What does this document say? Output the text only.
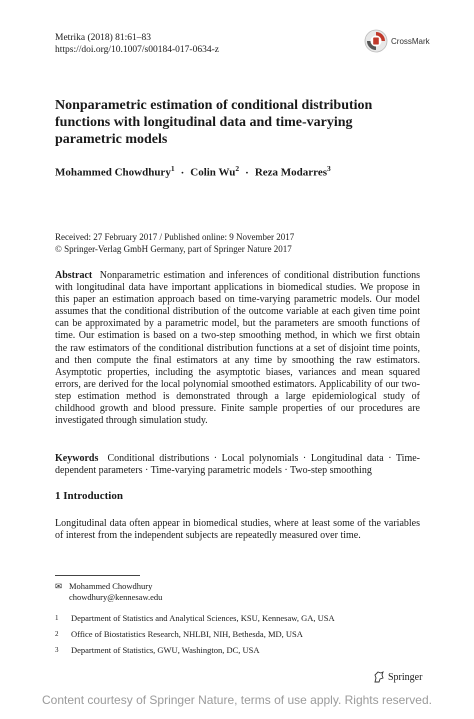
Metrika (2018) 81:61–83
https://doi.org/10.1007/s00184-017-0634-z
CrossMark
Nonparametric estimation of conditional distribution
functions with longitudinal data and time-varying
parametric models
Mohammed Chowdhury$^1$ · Colin $Wu^2$ · Reza Modarres$^3$
Received: 27 February 2017 / Published online: 9 November 2017
© Springer-Verlag GmbH Germany, part of Springer Nature 2017

Abstract Nonparametric estimation and inferences of conditional distribution functions with longitudinal data have important applications in biomedical studies. We propose in this paper an estimation approach based on time-varying parametric models. Our model assumes that the conditional distribution of the outcome variable at each given time point can be approximated by a parametric model, but the parameters are smooth functions of time. Our estimation is based on a two-step smoothing method, in which we first obtain the raw estimators of the conditional distribution functions at a set of disjoint time points, and then compute the final estimators at any time by smoothing the raw estimators. Asymptotic properties, including the asymptotic biases, variances and mean squared errors, are derived for the local polynomial smoothed estimators. Applicability of our two-step estimation method is demonstrated through a large epidemiological study of childhood growth and blood pressure. Finite sample properties of our procedures are investigated through simulation study.

Keywords Conditional distributions · Local polynomials · Longitudinal data · Time-dependent parameters · Time-varying parametric models · Two-step smoothing

1 Introduction

Longitudinal data often appear in biomedical studies, where at least some of the variables of interest from the independent subjects are repeatedly measured over time.

✉ Mohammed Chowdhury
chowdhury@kennesaw.edu
1	Department of Statistics and Analytical Sciences, KSU, Kennesaw, GA, USA
2	Office of Biostatistics Research, NHLBI, NIH, Bethesda, MD, USA
3	Department of Statistics, GWU, Washington, DC, USA
Springer
Content courtesy of Springer Nature, terms of use apply. Rights reserved.
